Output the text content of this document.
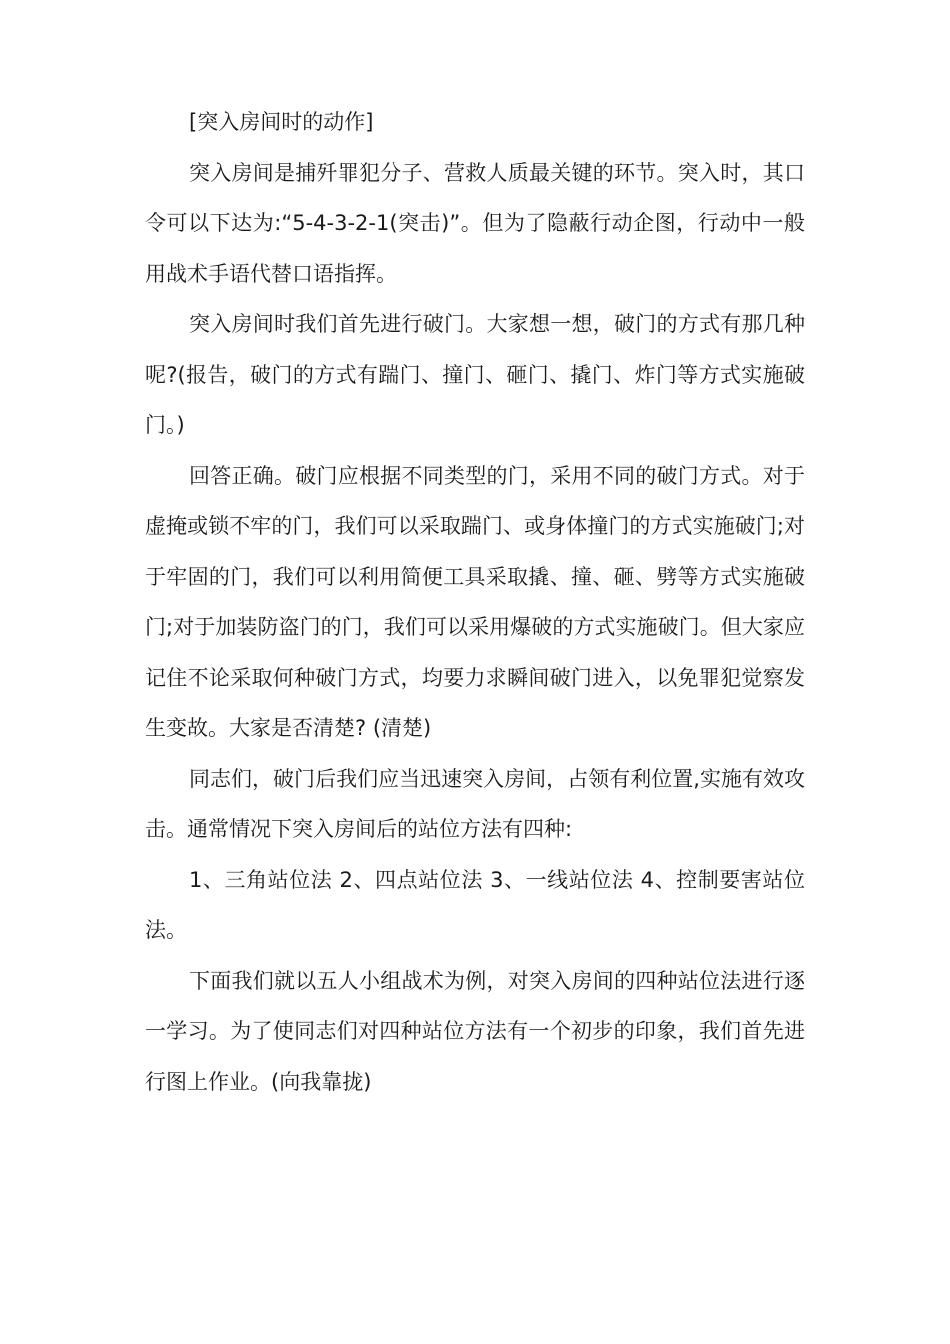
[突入房间时的动作]

突入房间是捕歼罪犯分子、营救人质最关键的环节。突入时，其口令可以下达为:“5-4-3-2-1(突击)”。但为了隐蔽行动企图，行动中一般用战术手语代替口语指挥。

突入房间时我们首先进行破门。大家想一想，破门的方式有那几种呢?(报告，破门的方式有踹门、撞门、砸门、撬门、炸门等方式实施破门。)

回答正确。破门应根据不同类型的门，采用不同的破门方式。对于虚掩或锁不牢的门，我们可以采取踹门、或身体撞门的方式实施破门;对于牢固的门，我们可以利用简便工具采取撬、撞、砸、劈等方式实施破门;对于加装防盗门的门，我们可以采用爆破的方式实施破门。但大家应记住不论采取何种破门方式，均要力求瞬间破门进入，以免罪犯觉察发生变故。大家是否清楚? (清楚)

同志们，破门后我们应当迅速突入房间，占领有利位置,实施有效攻击。通常情况下突入房间后的站位方法有四种:

1、三角站位法 2、四点站位法 3、一线站位法 4、控制要害站位法。

下面我们就以五人小组战术为例，对突入房间的四种站位法进行逐一学习。为了使同志们对四种站位方法有一个初步的印象，我们首先进行图上作业。(向我靠拢)
